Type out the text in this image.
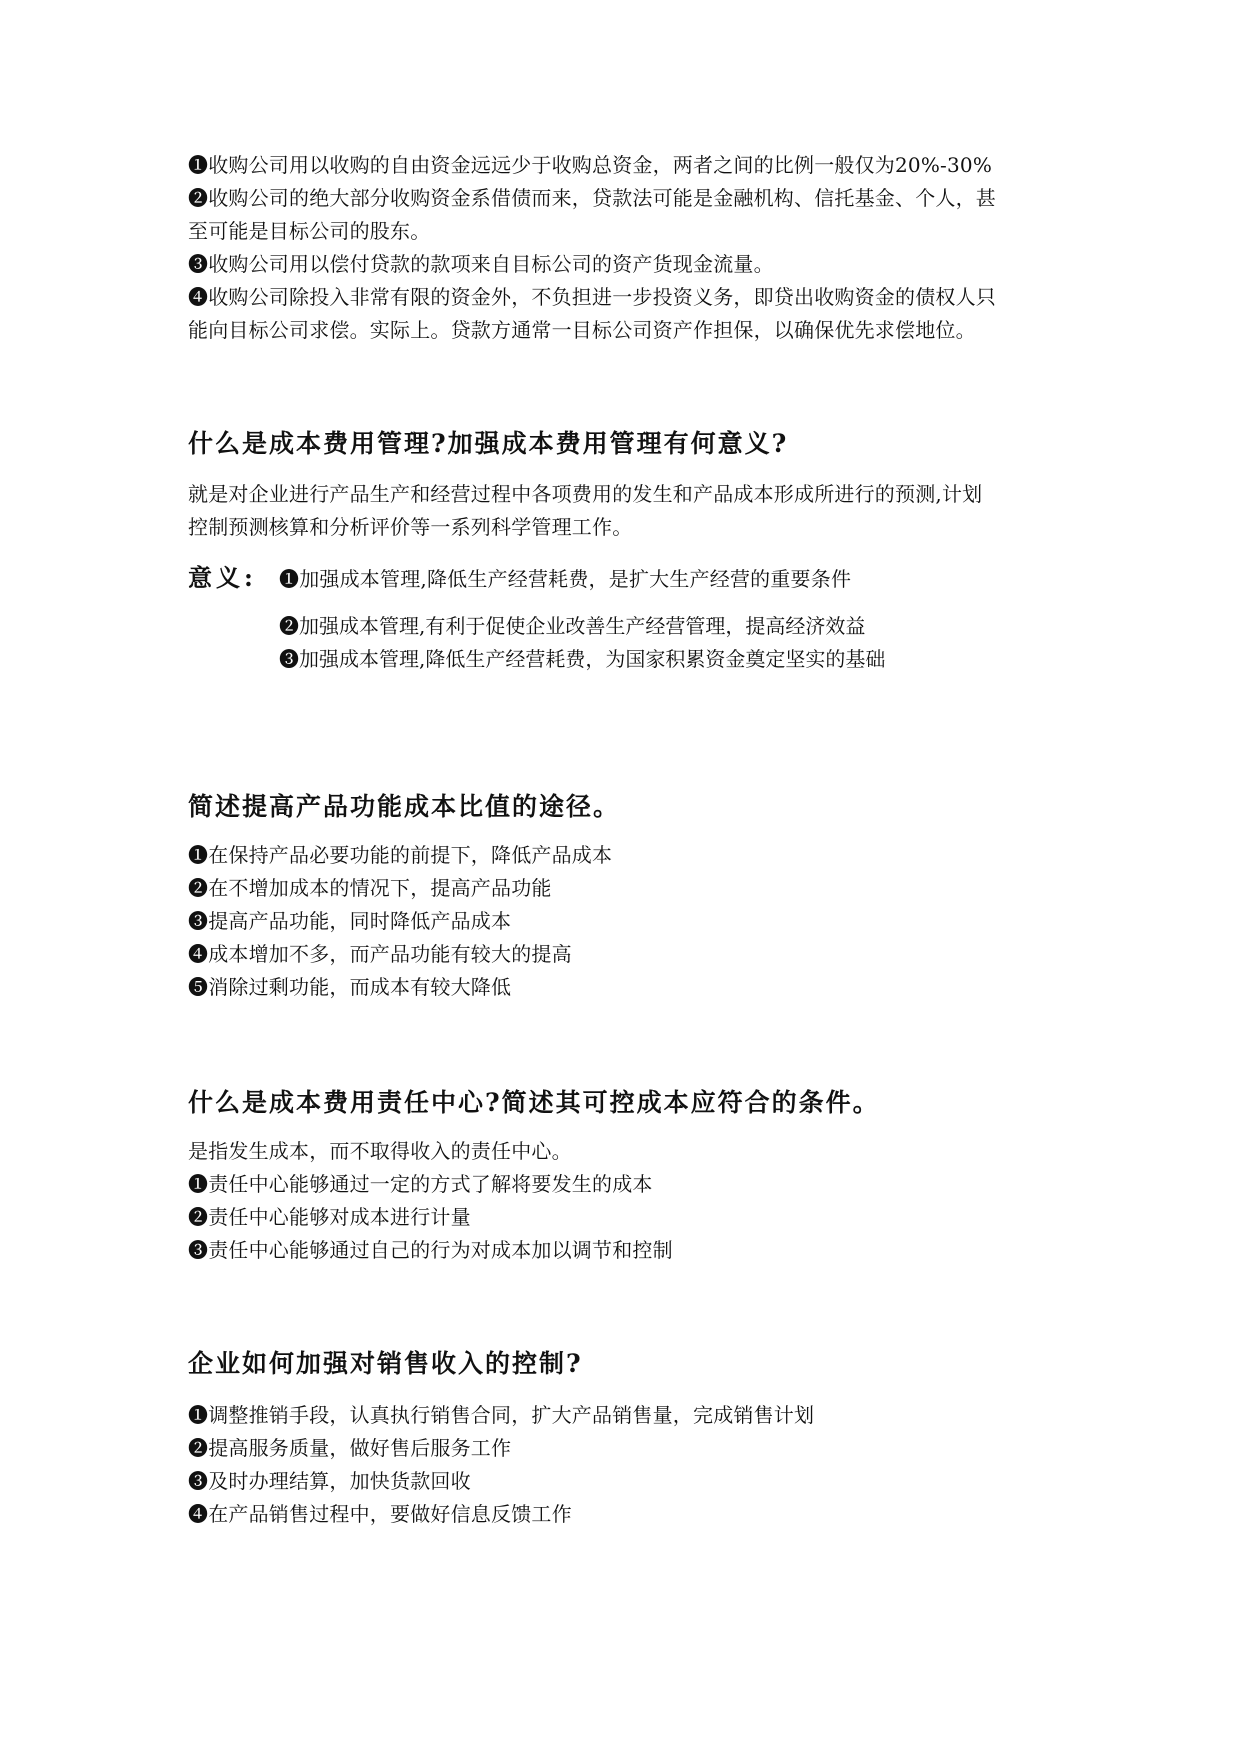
❶收购公司用以收购的自由资金远远少于收购总资金，两者之间的比例一般仅为20%-30%
❷收购公司的绝大部分收购资金系借债而来，贷款法可能是金融机构、信托基金、个人，甚
至可能是目标公司的股东。
❸收购公司用以偿付贷款的款项来自目标公司的资产货现金流量。
❹收购公司除投入非常有限的资金外，不负担进一步投资义务，即贷出收购资金的债权人只
能向目标公司求偿。实际上。贷款方通常一目标公司资产作担保，以确保优先求偿地位。
什么是成本费用管理?加强成本费用管理有何意义?
就是对企业进行产品生产和经营过程中各项费用的发生和产品成本形成所进行的预测,计划
控制预测核算和分析评价等一系列科学管理工作。
意义: ❶加强成本管理,降低生产经营耗费，是扩大生产经营的重要条件
❷加强成本管理,有利于促使企业改善生产经营管理，提高经济效益
❸加强成本管理,降低生产经营耗费，为国家积累资金奠定坚实的基础
简述提高产品功能成本比值的途径。
❶在保持产品必要功能的前提下，降低产品成本
❷在不增加成本的情况下，提高产品功能
❸提高产品功能，同时降低产品成本
❹成本增加不多，而产品功能有较大的提高
❺消除过剩功能，而成本有较大降低
什么是成本费用责任中心?简述其可控成本应符合的条件。
是指发生成本，而不取得收入的责任中心。
❶责任中心能够通过一定的方式了解将要发生的成本
❷责任中心能够对成本进行计量
❸责任中心能够通过自己的行为对成本加以调节和控制
企业如何加强对销售收入的控制?
❶调整推销手段，认真执行销售合同，扩大产品销售量，完成销售计划
❷提高服务质量，做好售后服务工作
❸及时办理结算，加快货款回收
❹在产品销售过程中，要做好信息反馈工作
